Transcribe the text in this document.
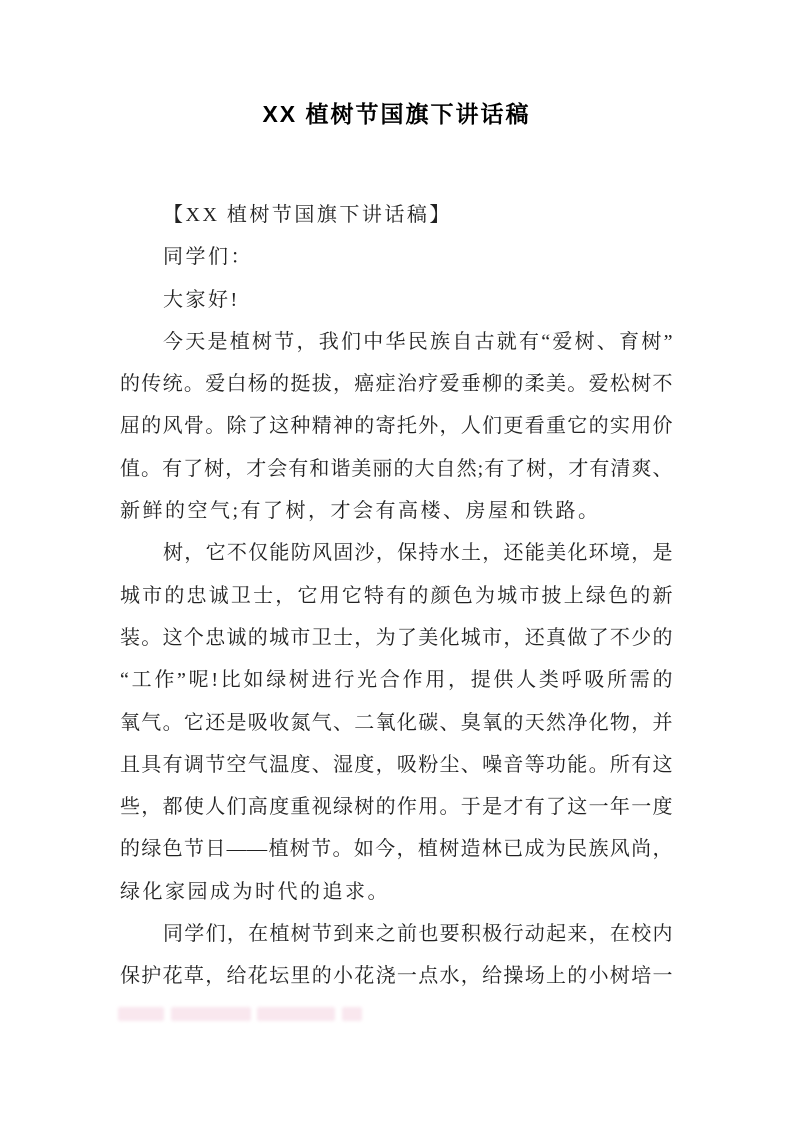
XX 植树节国旗下讲话稿
【XX 植树节国旗下讲话稿】
同学们：
大家好!
今天是植树节，我们中华民族自古就有“爱树、育树”
的传统。爱白杨的挺拔，癌症治疗爱垂柳的柔美。爱松树不
屈的风骨。除了这种精神的寄托外，人们更看重它的实用价
值。有了树，才会有和谐美丽的大自然;有了树，才有清爽、
新鲜的空气;有了树，才会有高楼、房屋和铁路。
树，它不仅能防风固沙，保持水土，还能美化环境，是
城市的忠诚卫士，它用它特有的颜色为城市披上绿色的新
装。这个忠诚的城市卫士，为了美化城市，还真做了不少的
“工作”呢!比如绿树进行光合作用，提供人类呼吸所需的
氧气。它还是吸收氮气、二氧化碳、臭氧的天然净化物，并
且具有调节空气温度、湿度，吸粉尘、噪音等功能。所有这
些，都使人们高度重视绿树的作用。于是才有了这一年一度
的绿色节日——植树节。如今，植树造林已成为民族风尚，
绿化家园成为时代的追求。
同学们，在植树节到来之前也要积极行动起来，在校内
保护花草，给花坛里的小花浇一点水，给操场上的小树培一
